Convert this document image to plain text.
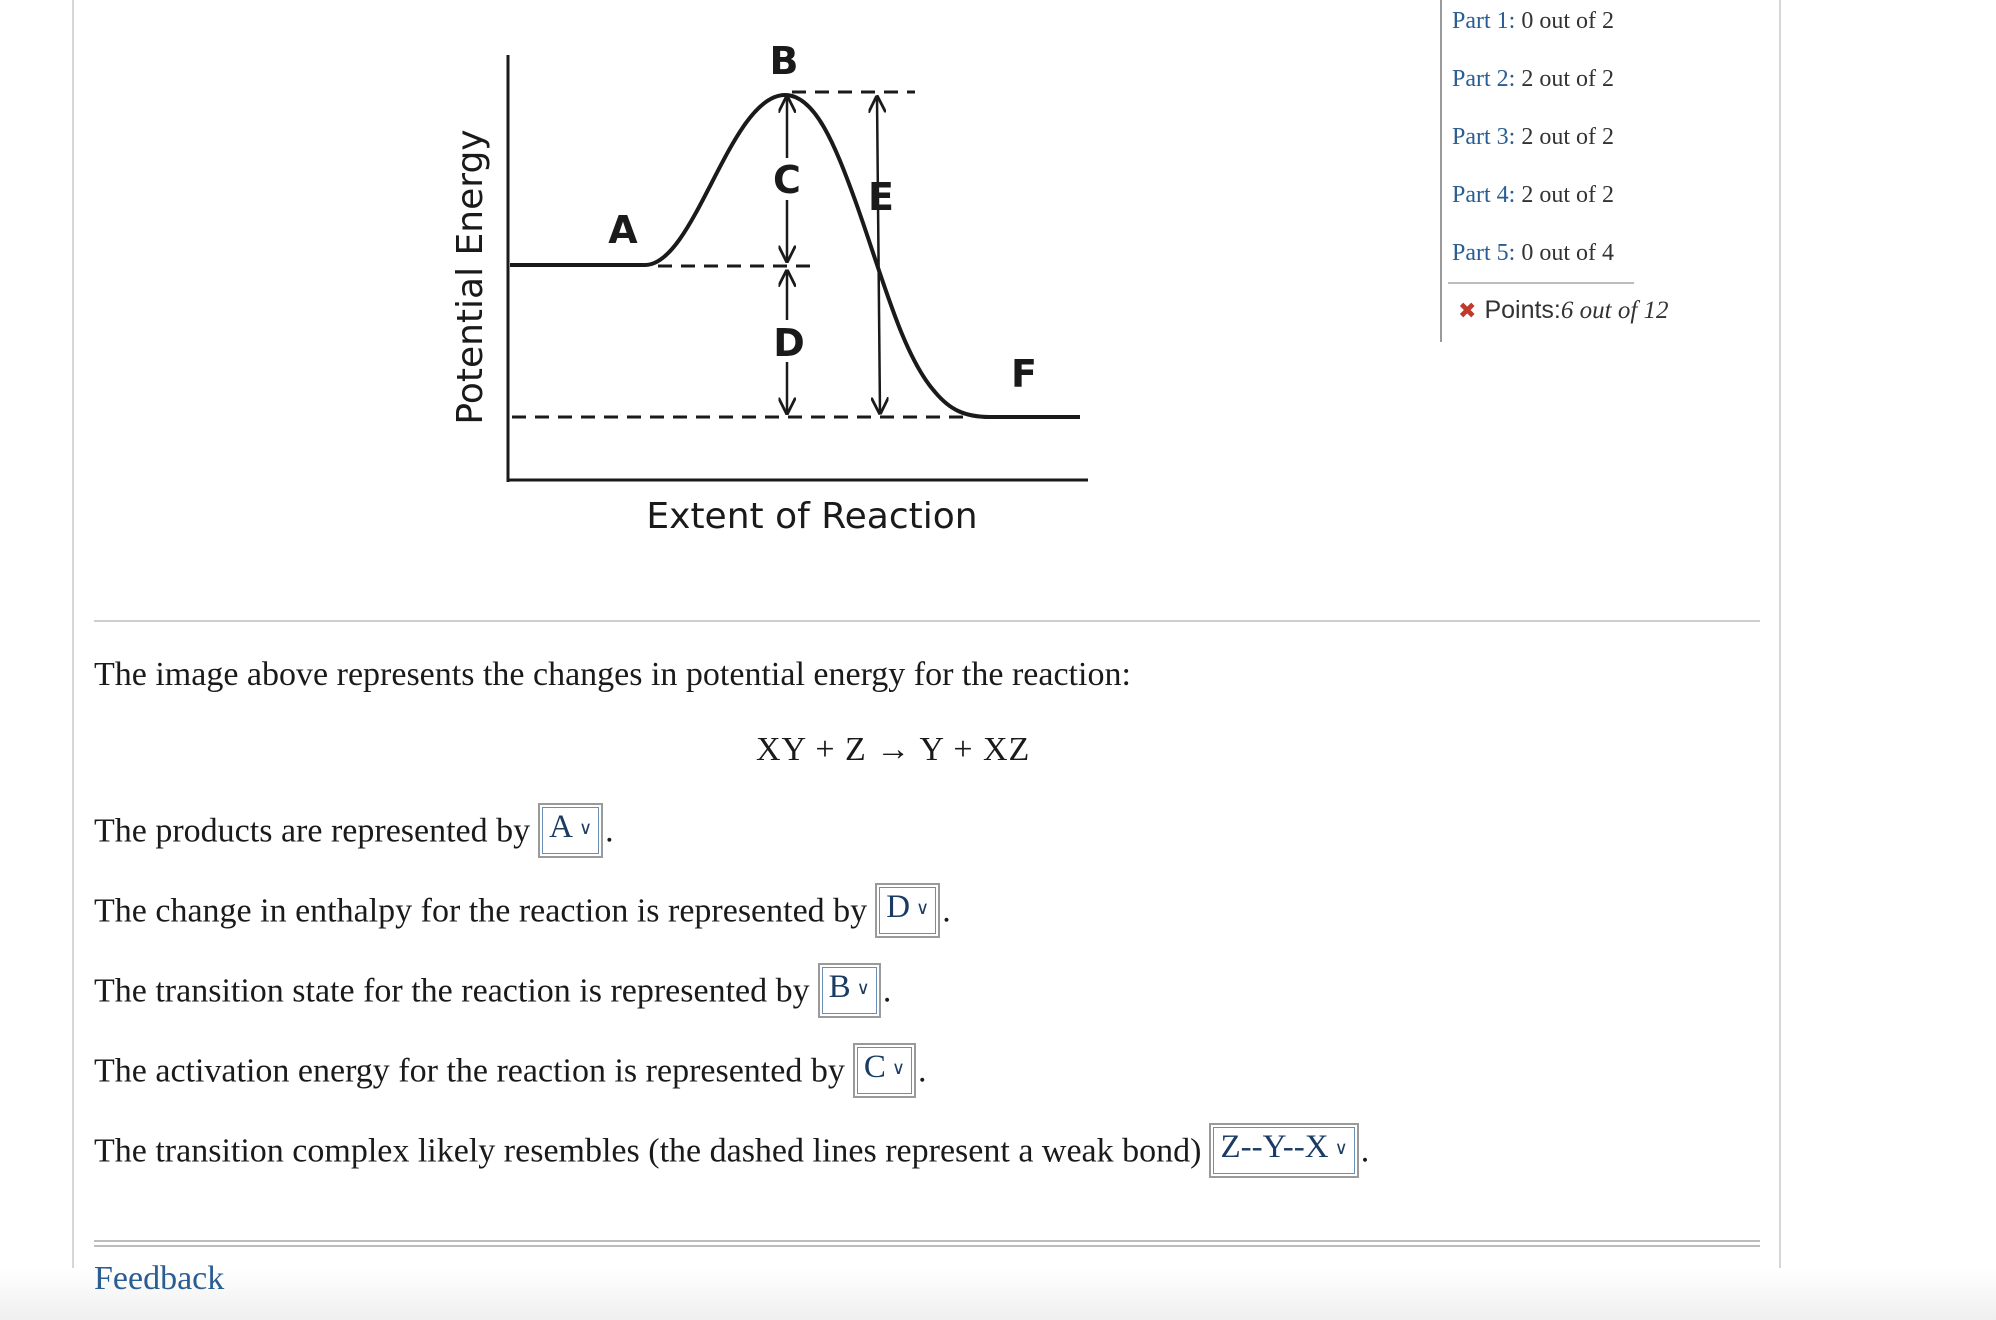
A
B
C
D
E
F
Potential Energy
Extent of Reaction
Part 1: 0 out of 2
Part 2: 2 out of 2
Part 3: 2 out of 2
Part 4: 2 out of 2
Part 5: 0 out of 4
✖ Points:6 out of 12
The image above represents the changes in potential energy for the reaction:
XY + Z → Y + XZ
The products are represented by A ∨ .
The change in enthalpy for the reaction is represented by D ∨ .
The transition state for the reaction is represented by B ∨ .
The activation energy for the reaction is represented by C ∨ .
The transition complex likely resembles (the dashed lines represent a weak bond) Z--Y--X ∨ .
Feedback
